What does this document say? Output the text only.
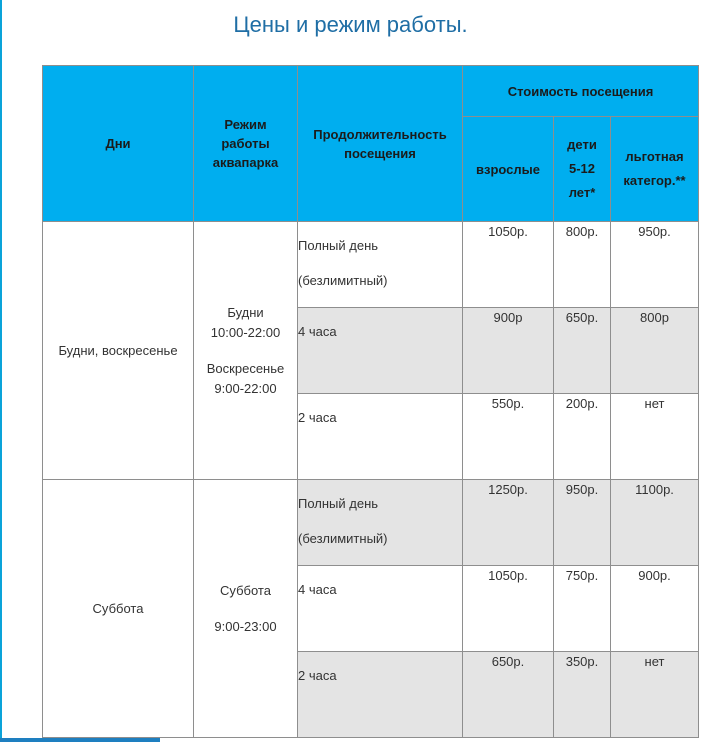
Цены и режим работы.
Дни	Режим
работы
аквапарка	Продолжительность
посещения	Стоимость посещения		
			взрослые	дети
5-12
лет*	льготная
категор.**

Будни, воскресенье	Будни
10:00-22:00
Воскресенье
9:00-22:00	Полный день
(безлимитный)	1050р.	800р.	950р.

		4 часа	900р	650р.	800р

		2 часа	550р.	200р.	нет
Суббота	Суббота
9:00-23:00	Полный день
(безлимитный)	1250р.	950р.	1100р.

		4 часа	1050р.	750р.	900р.

		2 часа	650р.	350р.	нет
